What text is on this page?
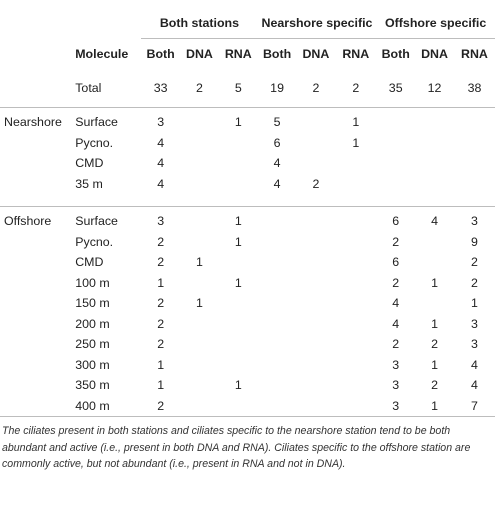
		Both stations			Nearshore specific			Offshore specific		
	Molecule	Both	DNA	RNA	Both	DNA	RNA	Both	DNA	RNA
	Total	33	2	5	19	2	2	35	12	38

Nearshore	Surface	3		1	5		1			
	Pycno.	4			6		1			
	CMD	4			4					
	35 m	4			4	2				

Offshore	Surface	3		1				6	4	3
	Pycno.	2		1				2		9
	CMD	2	1					6		2
	100 m	1		1				2	1	2
	150 m	2	1					4		1
	200 m	2						4	1	3
	250 m	2						2	2	3
	300 m	1						3	1	4
	350 m	1		1				3	2	4
	400 m	2						3	1	7
The ciliates present in both stations and ciliates specific to the nearshore station tend to be both abundant and active (i.e., present in both DNA and RNA). Ciliates specific to the offshore station are commonly active, but not abundant (i.e., present in RNA and not in DNA).
